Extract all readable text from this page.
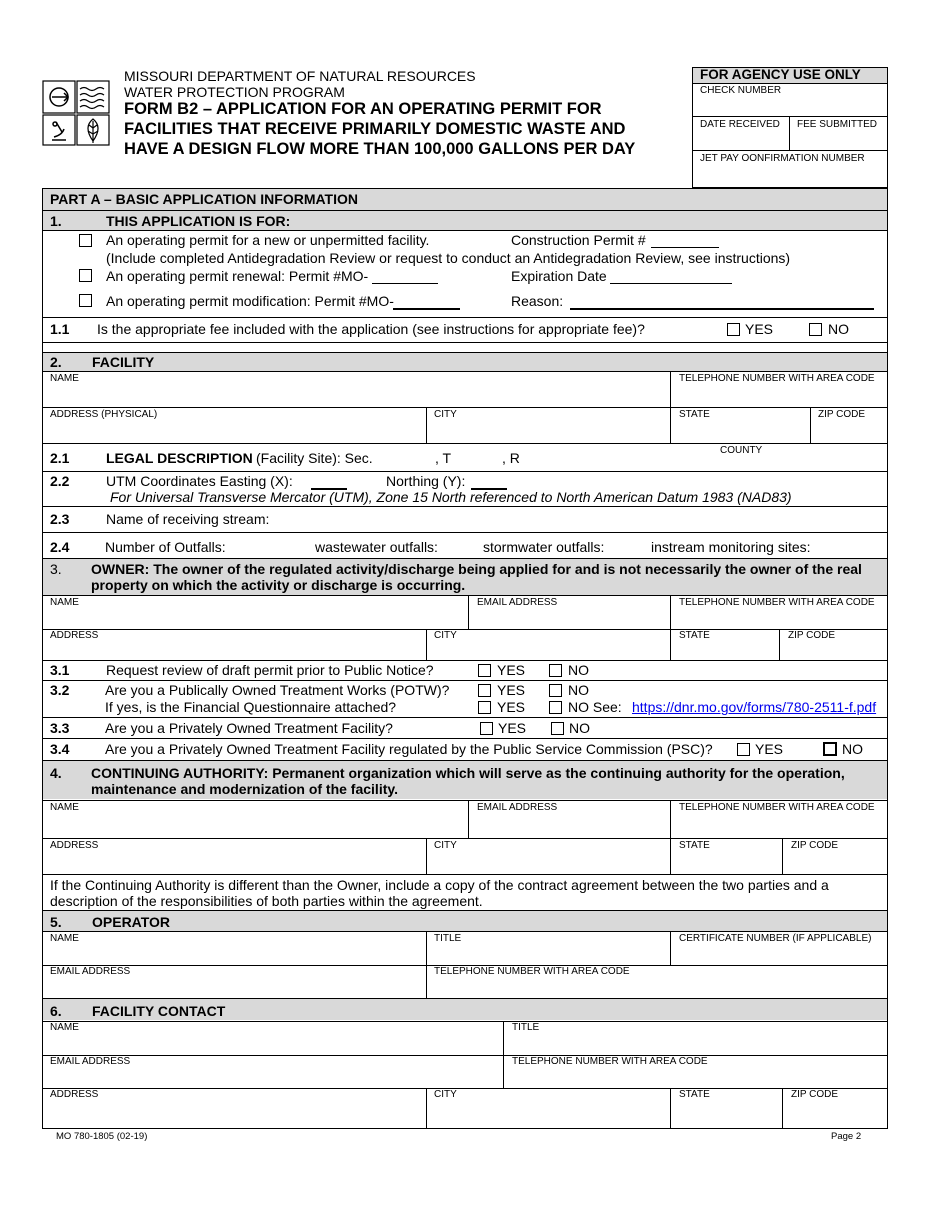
MISSOURI DEPARTMENT OF NATURAL RESOURCES
WATER PROTECTION PROGRAM
FORM B2 – APPLICATION FOR AN OPERATING PERMIT FOR
FACILITIES THAT RECEIVE PRIMARILY DOMESTIC WASTE AND
HAVE A DESIGN FLOW MORE THAN 100,000 GALLONS PER DAY
FOR AGENCY USE ONLY
CHECK NUMBER
DATE RECEIVED FEE SUBMITTED
JET PAY OONFIRMATION NUMBER
PART A – BASIC APPLICATION INFORMATION
1.	THIS APPLICATION IS FOR:
An operating permit for a new or unpermitted facility.	Construction Permit #
(Include completed Antidegradation Review or request to conduct an Antidegradation Review, see instructions)
An operating permit renewal: Permit #MO-	Expiration Date
An operating permit modification: Permit #MO-	Reason:
1.1 Is the appropriate fee included with the application (see instructions for appropriate fee)?	YES	NO
2. FACILITY
NAME	TELEPHONE NUMBER WITH AREA CODE
ADDRESS (PHYSICAL)	CITY	STATE	ZIP CODE
2.1	LEGAL DESCRIPTION (Facility Site): Sec.	, T	, R	COUNTY
2.2	UTM Coordinates Easting (X):	Northing (Y):
For Universal Transverse Mercator (UTM), Zone 15 North referenced to North American Datum 1983 (NAD83)
2.3	Name of receiving stream:
2.4	Number of Outfalls:	wastewater outfalls:	stormwater outfalls:	instream monitoring sites:
3. OWNER: The owner of the regulated activity/discharge being applied for and is not necessarily the owner of the real
property on which the activity or discharge is occurring.
NAME	EMAIL ADDRESS	TELEPHONE NUMBER WITH AREA CODE
ADDRESS	CITY	STATE	ZIP CODE
3.1	Request review of draft permit prior to Public Notice?	YES	NO
3.2	Are you a Publically Owned Treatment Works (POTW)?	YES	NO
If yes, is the Financial Questionnaire attached?	YES	NO See: https://dnr.mo.gov/forms/780-2511-f.pdf
3.3	Are you a Privately Owned Treatment Facility?	YES	NO
3.4	Are you a Privately Owned Treatment Facility regulated by the Public Service Commission (PSC)?	YES	NO
4. CONTINUING AUTHORITY: Permanent organization which will serve as the continuing authority for the operation,
maintenance and modernization of the facility.
NAME	EMAIL ADDRESS	TELEPHONE NUMBER WITH AREA CODE
ADDRESS	CITY	STATE	ZIP CODE
If the Continuing Authority is different than the Owner, include a copy of the contract agreement between the two parties and a
description of the responsibilities of both parties within the agreement.
5. OPERATOR
NAME	TITLE	CERTIFICATE NUMBER (IF APPLICABLE)
EMAIL ADDRESS	TELEPHONE NUMBER WITH AREA CODE
6. FACILITY CONTACT
NAME	TITLE
EMAIL ADDRESS	TELEPHONE NUMBER WITH AREA CODE
ADDRESS	CITY	STATE	ZIP CODE
MO 780-1805 (02-19)	Page 2
